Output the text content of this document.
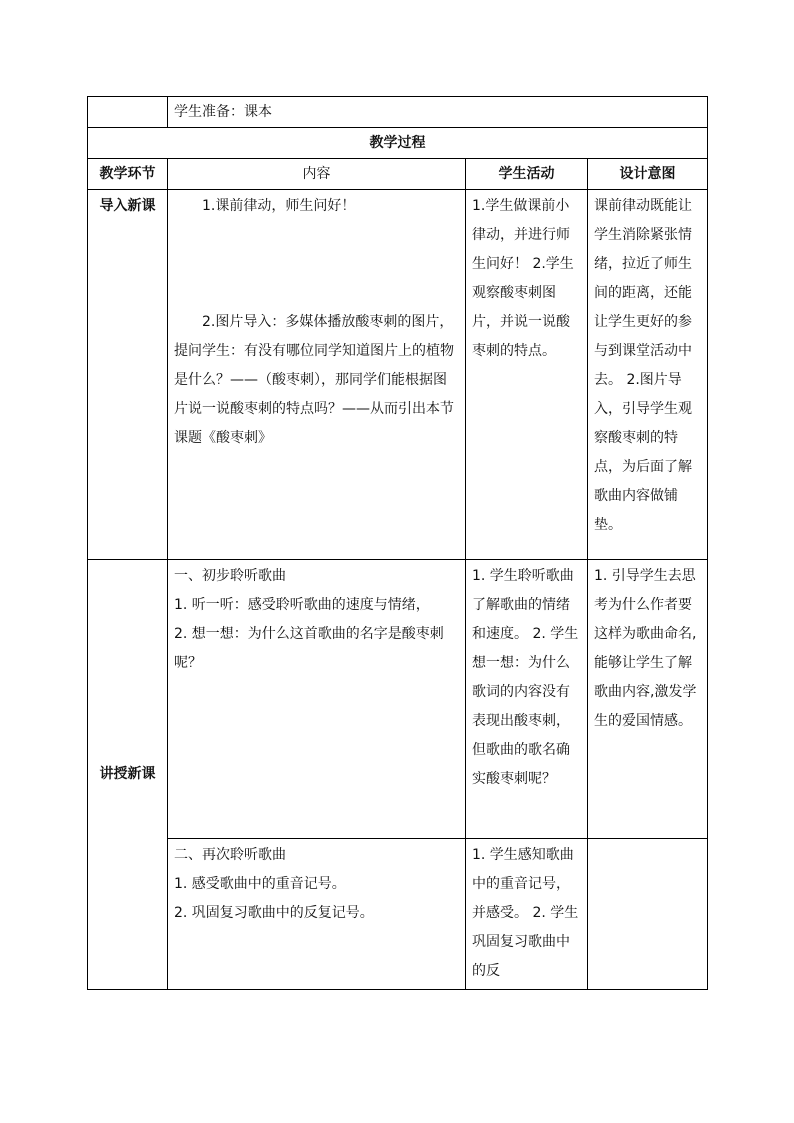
	学生准备：课本		
教学过程			
教学环节	内容	学生活动	设计意图
导入新课	1.课前律动，师生问好！
2.图片导入：多媒体播放酸枣刺的图片，提问学生：有没有哪位同学知道图片上的植物是什么？——（酸枣刺），那同学们能根据图片说一说酸枣刺的特点吗？——从而引出本节课题《酸枣刺》	1.学生做课前小律动，并进行师生问好！ 2.学生观察酸枣刺图片，并说一说酸枣刺的特点。	课前律动既能让学生消除紧张情绪，拉近了师生间的距离，还能让学生更好的参与到课堂活动中去。 2.图片导入，引导学生观察酸枣刺的特点，为后面了解歌曲内容做铺垫。
讲授新课	一、初步聆听歌曲
1. 听一听：感受聆听歌曲的速度与情绪，
2. 想一想：为什么这首歌曲的名字是酸枣刺呢？	1. 学生聆听歌曲了解歌曲的情绪和速度。 2. 学生想一想：为什么歌词的内容没有表现出酸枣刺，但歌曲的歌名确实酸枣刺呢？	1. 引导学生去思考为什么作者要这样为歌曲命名,能够让学生了解歌曲内容,激发学生的爱国情感。

	二、再次聆听歌曲
1. 感受歌曲中的重音记号。
2. 巩固复习歌曲中的反复记号。	1. 学生感知歌曲中的重音记号，并感受。 2. 学生巩固复习歌曲中的反	
